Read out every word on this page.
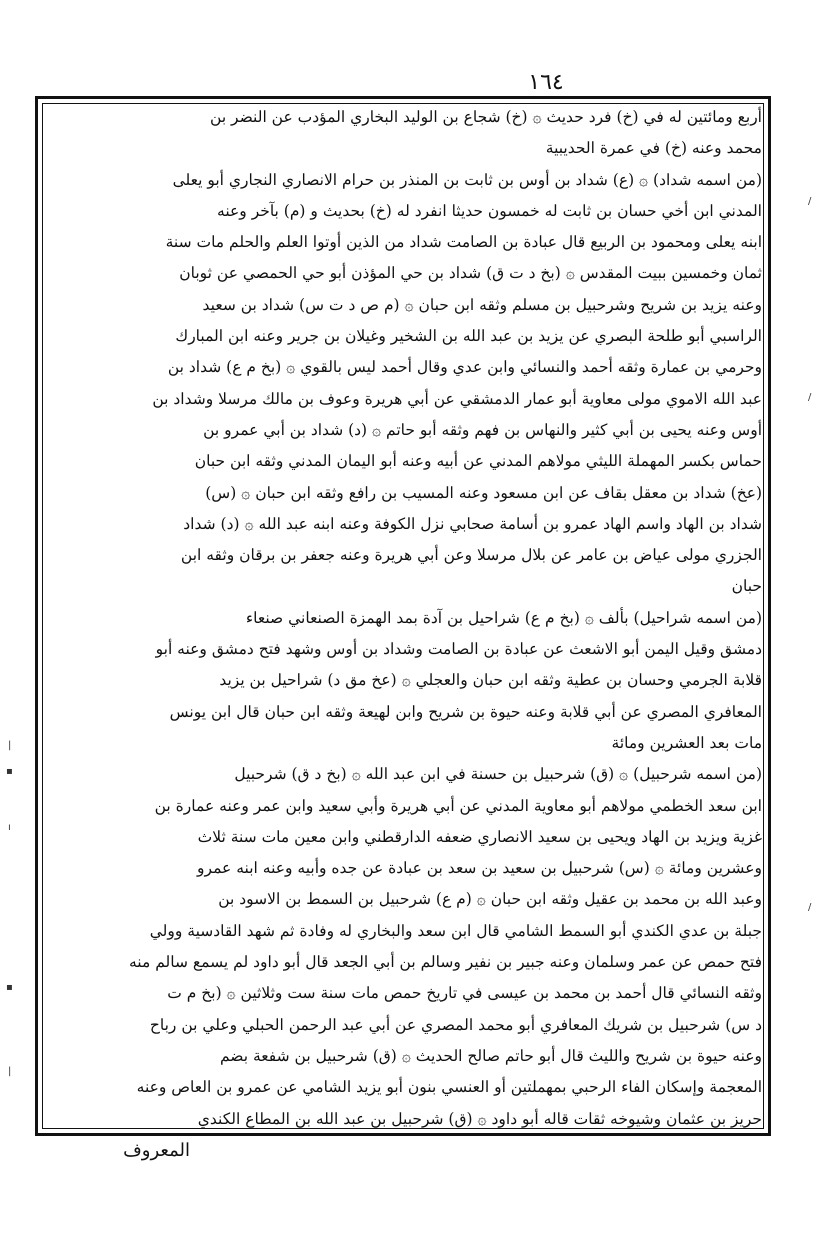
١٦٤
أربع ومائتين له في (خ) فرد حديث ۞ (خ) شجاع بن الوليد البخاري المؤدب عن النضر بن
محمد وعنه (خ) في عمرة الحديبية
(من اسمه شداد) ۞ (ع) شداد بن أوس بن ثابت بن المنذر بن حرام الانصاري النجاري أبو يعلى
المدني ابن أخي حسان بن ثابت له خمسون حديثا انفرد له (خ) بحديث و (م) بآخر وعنه
ابنه يعلى ومحمود بن الربيع قال عبادة بن الصامت شداد من الذين أوتوا العلم والحلم مات سنة
ثمان وخمسين ببيت المقدس ۞ (بخ د ت ق) شداد بن حي المؤذن أبو حي الحمصي عن ثوبان
وعنه يزيد بن شريح وشرحبيل بن مسلم وثقه ابن حبان ۞ (م ص د ت س) شداد بن سعيد
الراسبي أبو طلحة البصري عن يزيد بن عبد الله بن الشخير وغيلان بن جرير وعنه ابن المبارك
وحرمي بن عمارة وثقه أحمد والنسائي وابن عدي وقال أحمد ليس بالقوي ۞ (بخ م ع) شداد بن
عبد الله الاموي مولى معاوية أبو عمار الدمشقي عن أبي هريرة وعوف بن مالك مرسلا وشداد بن
أوس وعنه يحيى بن أبي كثير والنهاس بن فهم وثقه أبو حاتم ۞ (د) شداد بن أبي عمرو بن
حماس بكسر المهملة الليثي مولاهم المدني عن أبيه وعنه أبو اليمان المدني وثقه ابن حبان
(عخ) شداد بن معقل بقاف عن ابن مسعود وعنه المسيب بن رافع وثقه ابن حبان ۞ (س)
شداد بن الهاد واسم الهاد عمرو بن أسامة صحابي نزل الكوفة وعنه ابنه عبد الله ۞ (د) شداد
الجزري مولى عياض بن عامر عن بلال مرسلا وعن أبي هريرة وعنه جعفر بن برقان وثقه ابن
حبان
(من اسمه شراحيل) بألف ۞ (بخ م ع) شراحيل بن آدة بمد الهمزة الصنعاني صنعاء
دمشق وقيل اليمن أبو الاشعث عن عبادة بن الصامت وشداد بن أوس وشهد فتح دمشق وعنه أبو
قلابة الجرمي وحسان بن عطية وثقه ابن حبان والعجلي ۞ (عخ مق د) شراحيل بن يزيد
المعافري المصري عن أبي قلابة وعنه حيوة بن شريح وابن لهيعة وثقه ابن حبان قال ابن يونس
مات بعد العشرين ومائة
(من اسمه شرحبيل) ۞ (ق) شرحبيل بن حسنة في ابن عبد الله ۞ (بخ د ق) شرحبيل
ابن سعد الخطمي مولاهم أبو معاوية المدني عن أبي هريرة وأبي سعيد وابن عمر وعنه عمارة بن
غزية ويزيد بن الهاد ويحيى بن سعيد الانصاري ضعفه الدارقطني وابن معين مات سنة ثلاث
وعشرين ومائة ۞ (س) شرحبيل بن سعيد بن سعد بن عبادة عن جده وأبيه وعنه ابنه عمرو
وعبد الله بن محمد بن عقيل وثقه ابن حبان ۞ (م ع) شرحبيل بن السمط بن الاسود بن
جبلة بن عدي الكندي أبو السمط الشامي قال ابن سعد والبخاري له وفادة ثم شهد القادسية وولي
فتح حمص عن عمر وسلمان وعنه جبير بن نفير وسالم بن أبي الجعد قال أبو داود لم يسمع سالم منه
وثقه النسائي قال أحمد بن محمد بن عيسى في تاريخ حمص مات سنة ست وثلاثين ۞ (بخ م ت
د س) شرحبيل بن شريك المعافري أبو محمد المصري عن أبي عبد الرحمن الحبلي وعلي بن رباح
وعنه حيوة بن شريح والليث قال أبو حاتم صالح الحديث ۞ (ق) شرحبيل بن شفعة بضم
المعجمة وإسكان الفاء الرحبي بمهملتين أو العنسي بنون أبو يزيد الشامي عن عمرو بن العاص وعنه
حريز بن عثمان وشيوخه ثقات قاله أبو داود ۞ (ق) شرحبيل بن عبد الله بن المطاع الكندي
المعروف
/
/
|
▪
ı
▪
/
|
